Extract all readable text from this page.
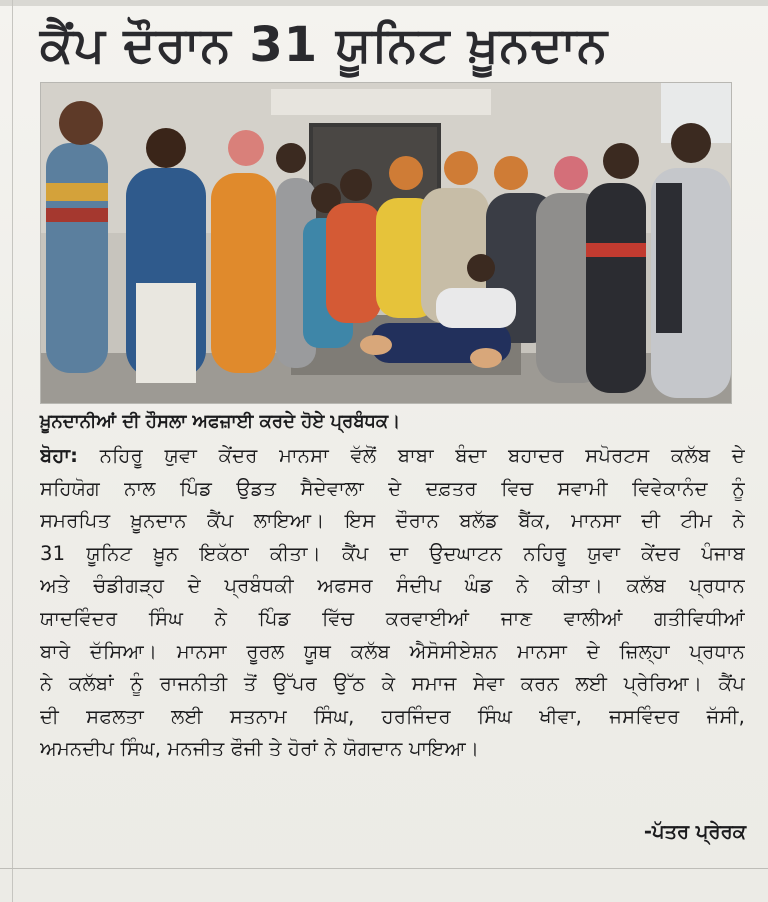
ਕੈਂਪ ਦੌਰਾਨ 31 ਯੂਨਿਟ ਖ਼ੂਨਦਾਨ
ਖ਼ੂਨਦਾਨੀਆਂ ਦੀ ਹੌਸਲਾ ਅਫਜ਼ਾਈ ਕਰਦੇ ਹੋਏ ਪ੍ਰਬੰਧਕ।
ਬੋਹਾ: ਨਹਿਰੂ ਯੁਵਾ ਕੇਂਦਰ ਮਾਨਸਾ ਵੱਲੋਂ ਬਾਬਾ ਬੰਦਾ ਬਹਾਦਰ ਸਪੋਰਟਸ ਕਲੱਬ ਦੇ
ਸਹਿਯੋਗ ਨਾਲ ਪਿੰਡ ਉਡਤ ਸੈਦੇਵਾਲਾ ਦੇ ਦਫ਼ਤਰ ਵਿਚ ਸਵਾਮੀ ਵਿਵੇਕਾਨੰਦ ਨੂੰ
ਸਮਰਪਿਤ ਖ਼ੂਨਦਾਨ ਕੈਂਪ ਲਾਇਆ। ਇਸ ਦੌਰਾਨ ਬਲੱਡ ਬੈਂਕ, ਮਾਨਸਾ ਦੀ ਟੀਮ ਨੇ
31 ਯੂਨਿਟ ਖ਼ੂਨ ਇਕੱਠਾ ਕੀਤਾ। ਕੈਂਪ ਦਾ ਉਦਘਾਟਨ ਨਹਿਰੂ ਯੁਵਾ ਕੇਂਦਰ ਪੰਜਾਬ
ਅਤੇ ਚੰਡੀਗੜ੍ਹ ਦੇ ਪ੍ਰਬੰਧਕੀ ਅਫਸਰ ਸੰਦੀਪ ਘੰਡ ਨੇ ਕੀਤਾ। ਕਲੱਬ ਪ੍ਰਧਾਨ
ਯਾਦਵਿੰਦਰ ਸਿੰਘ ਨੇ ਪਿੰਡ ਵਿੱਚ ਕਰਵਾਈਆਂ ਜਾਣ ਵਾਲੀਆਂ ਗਤੀਵਿਧੀਆਂ
ਬਾਰੇ ਦੱਸਿਆ। ਮਾਨਸਾ ਰੂਰਲ ਯੂਥ ਕਲੱਬ ਐਸੋਸੀਏਸ਼ਨ ਮਾਨਸਾ ਦੇ ਜ਼ਿਲ੍ਹਾ ਪ੍ਰਧਾਨ
ਨੇ ਕਲੱਬਾਂ ਨੂੰ ਰਾਜਨੀਤੀ ਤੋਂ ਉੱਪਰ ਉੱਠ ਕੇ ਸਮਾਜ ਸੇਵਾ ਕਰਨ ਲਈ ਪ੍ਰੇਰਿਆ। ਕੈਂਪ
ਦੀ ਸਫਲਤਾ ਲਈ ਸਤਨਾਮ ਸਿੰਘ, ਹਰਜਿੰਦਰ ਸਿੰਘ ਖੀਵਾ, ਜਸਵਿੰਦਰ ਜੱਸੀ,
ਅਮਨਦੀਪ ਸਿੰਘ, ਮਨਜੀਤ ਫੌਜੀ ਤੇ ਹੋਰਾਂ ਨੇ ਯੋਗਦਾਨ ਪਾਇਆ।
-ਪੱਤਰ ਪ੍ਰੇਰਕ
